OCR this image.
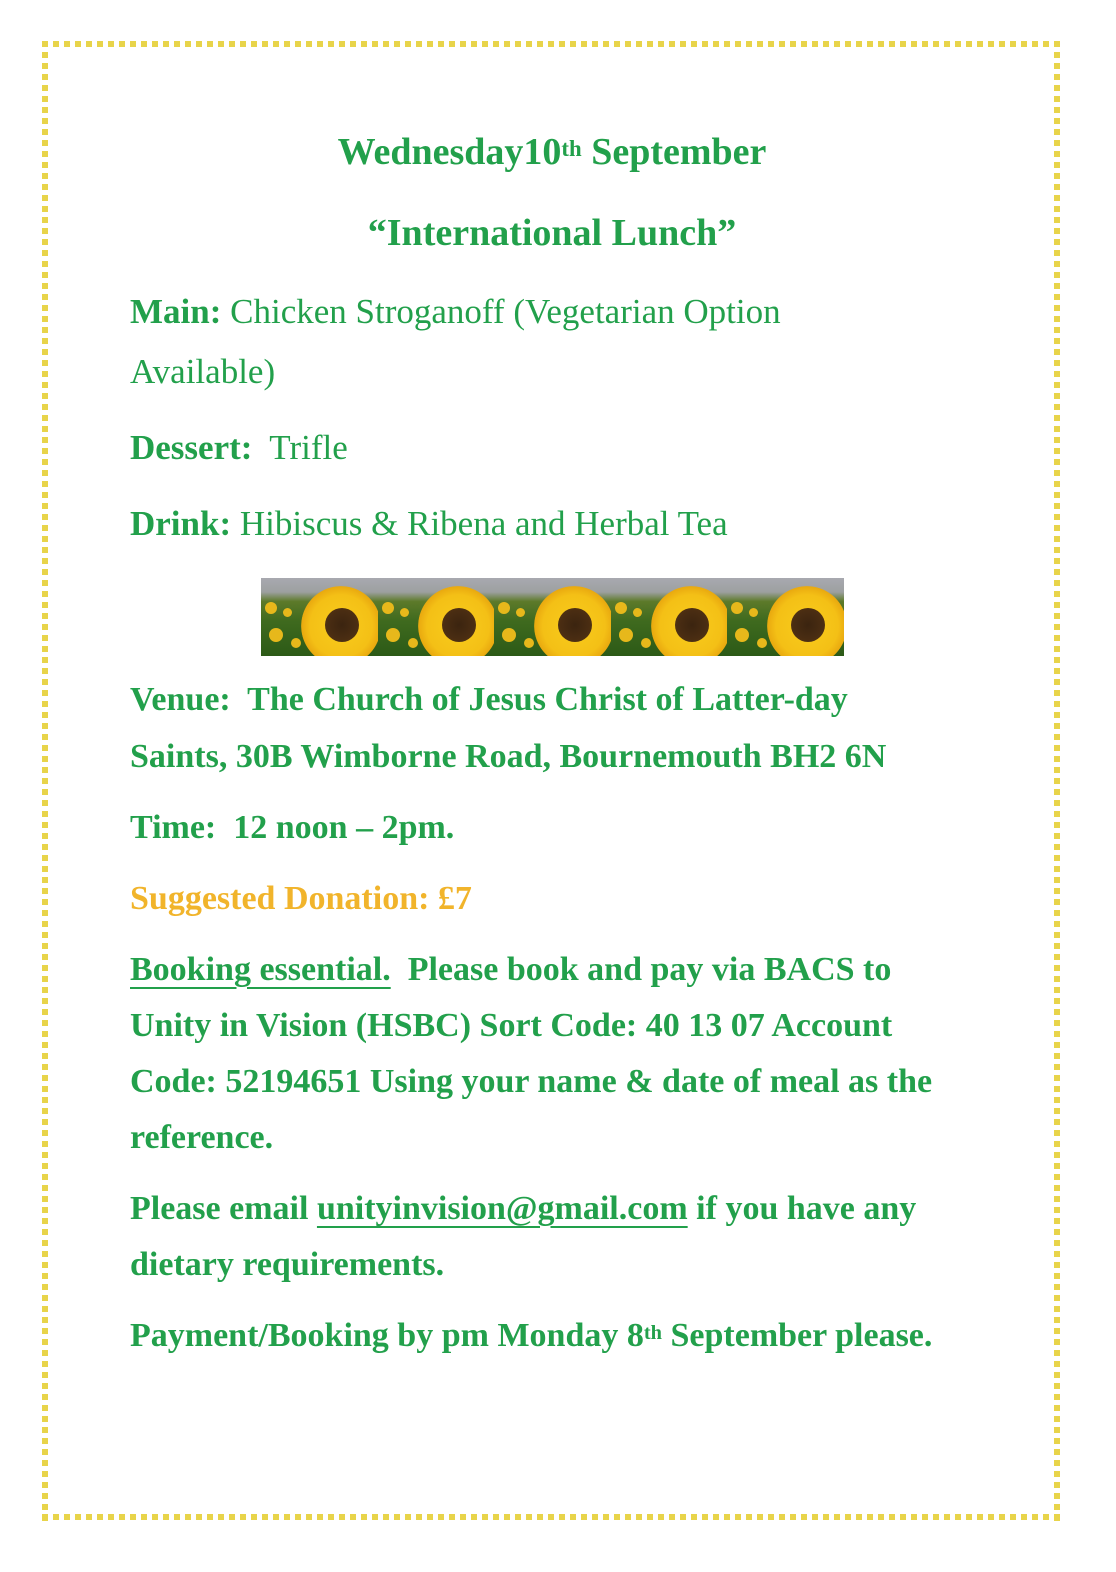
Wednesday10th September

“International Lunch”

Main: Chicken Stroganoff (Vegetarian Option

Available)

Dessert:  Trifle

Drink: Hibiscus & Ribena and Herbal Tea

Venue:  The Church of Jesus Christ of Latter-day

Saints, 30B Wimborne Road, Bournemouth BH2 6N

Time:  12 noon – 2pm.

Suggested Donation: £7

Booking essential.  Please book and pay via BACS to

Unity in Vision (HSBC) Sort Code: 40 13 07 Account

Code: 52194651 Using your name & date of meal as the

reference.

Please email unityinvision@gmail.com if you have any

dietary requirements.

Payment/Booking by pm Monday 8th September please.
